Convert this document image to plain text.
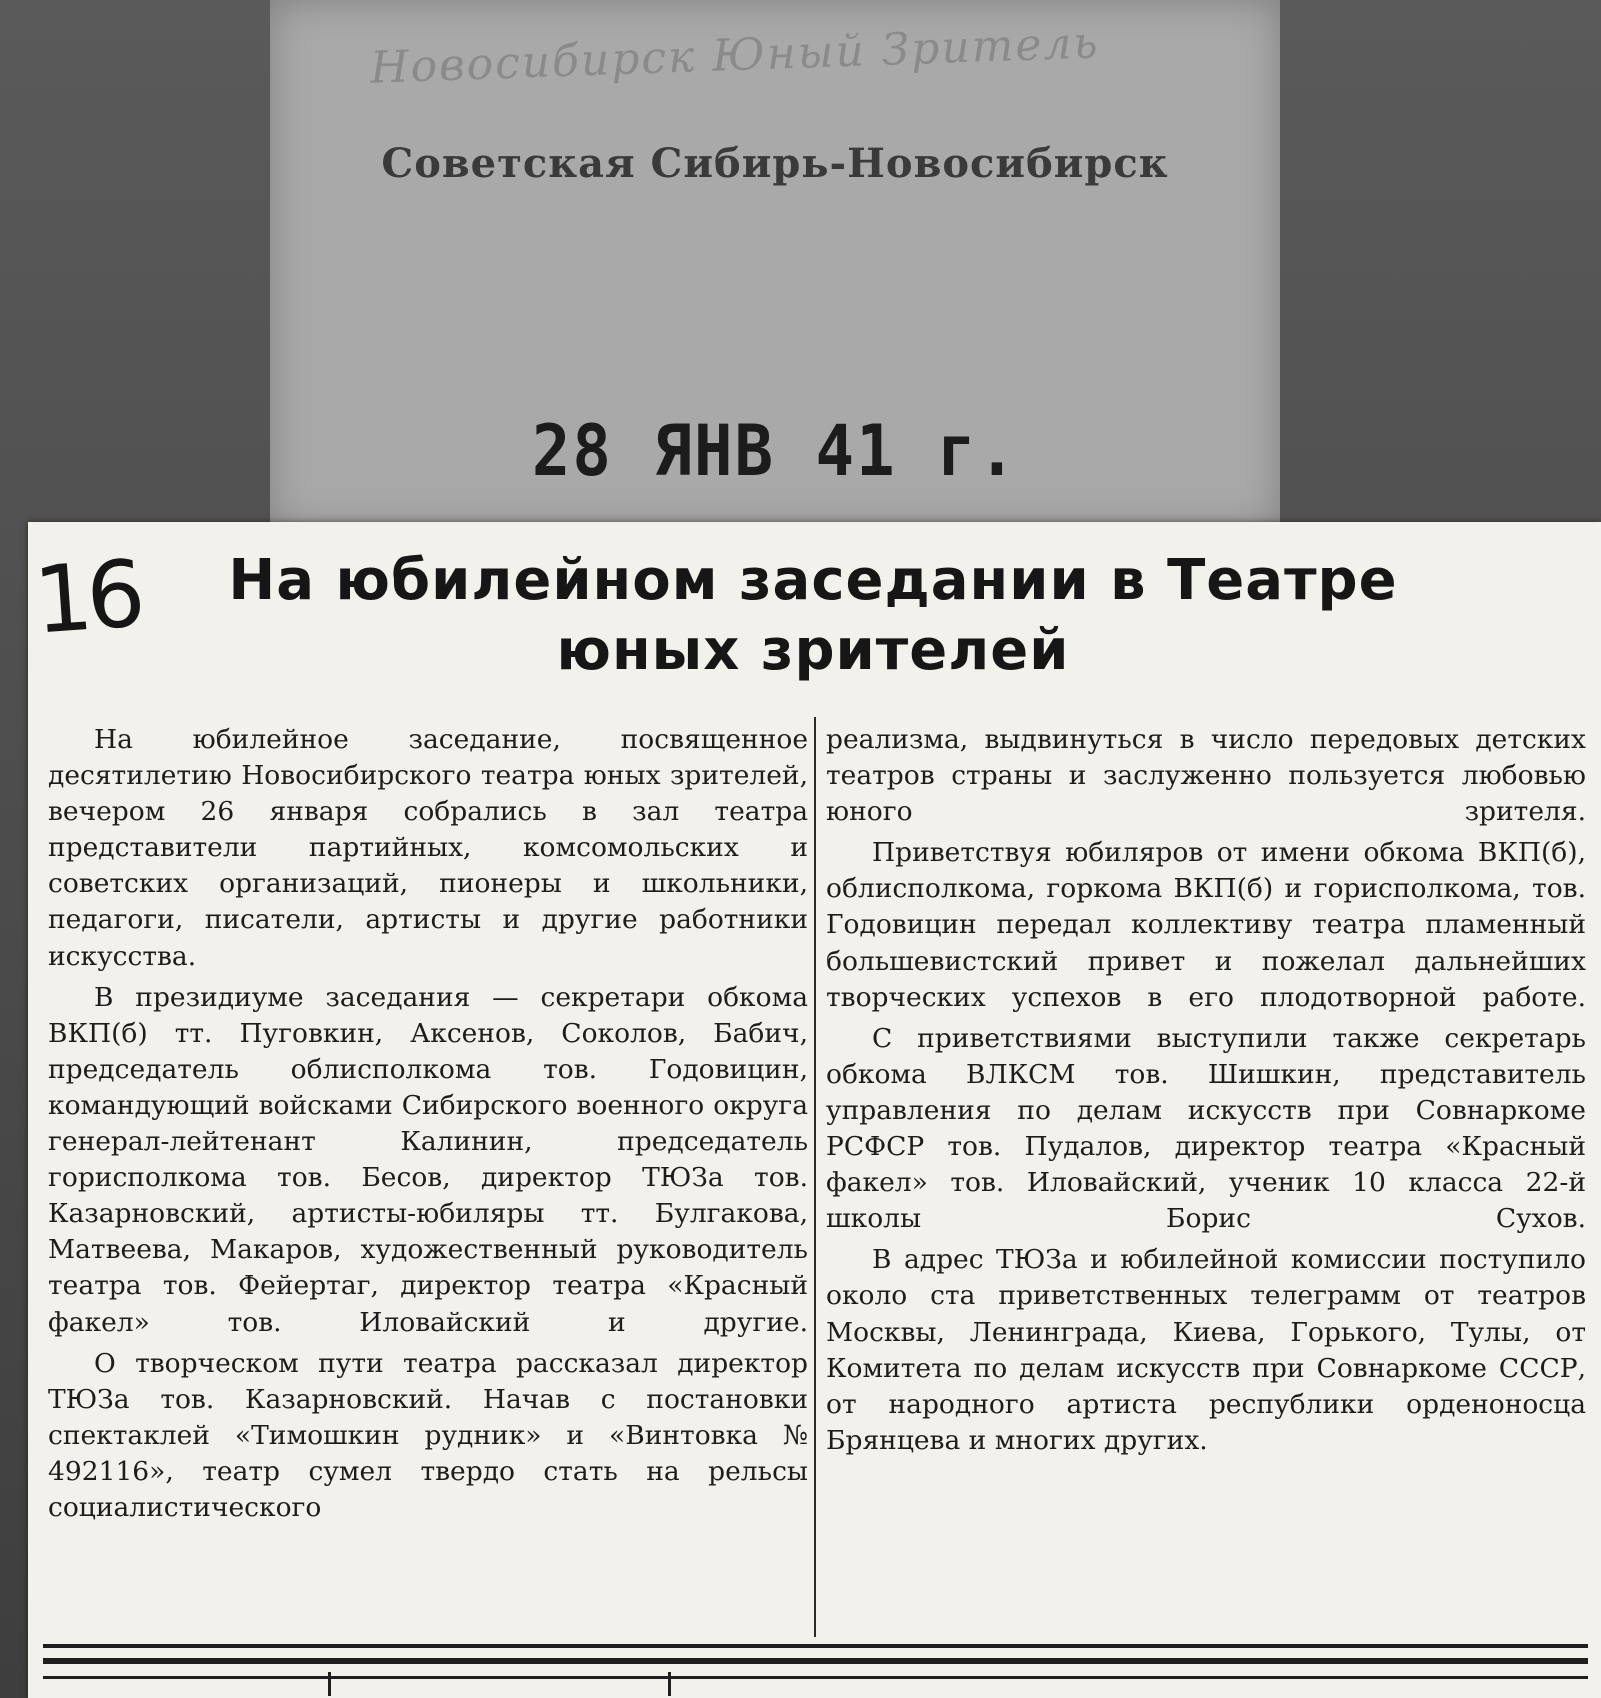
Новосибирск Юный Зритель
Советская Сибирь-Новосибирск
28 ЯНВ 41 г.
16	На юбилейном заседании в Театре юных зрителей

На юбилейное заседание, посвященное десятилетию Новосибирского театра юных зрителей, вечером 26 января собрались в зал театра представители партийных, комсомольских и советских организаций, пионеры и школьники, педагоги, писатели, артисты и другие работники искусства.

В президиуме заседания — секретари обкома ВКП(б) тт. Пуговкин, Аксенов, Соколов, Бабич, председатель облисполкома тов. Годовицин, командующий войсками Сибирского военного округа генерал-лейтенант Калинин, председатель горисполкома тов. Бесов, директор ТЮЗа тов. Казарновский, артисты-юбиляры тт. Булгакова, Матвеева, Макаров, художественный руководитель театра тов. Фейертаг, директор театра «Красный факел» тов. Иловайский и другие.

О творческом пути театра рассказал директор ТЮЗа тов. Казарновский. Начав с постановки спектаклей «Тимошкин рудник» и «Винтовка № 492116», театр сумел твердо стать на рельсы социалистического

реализма, выдвинуться в число передовых детских театров страны и заслуженно пользуется любовью юного зрителя.

Приветствуя юбиляров от имени обкома ВКП(б), облисполкома, горкома ВКП(б) и горисполкома, тов. Годовицин передал коллективу театра пламенный большевистский привет и пожелал дальнейших творческих успехов в его плодотворной работе.

С приветствиями выступили также секретарь обкома ВЛКСМ тов. Шишкин, представитель управления по делам искусств при Совнаркоме РСФСР тов. Пудалов, директор театра «Красный факел» тов. Иловайский, ученик 10 класса 22-й школы Борис Сухов.

В адрес ТЮЗа и юбилейной комиссии поступило около ста приветственных телеграмм от театров Москвы, Ленинграда, Киева, Горького, Тулы, от Комитета по делам искусств при Совнаркоме СССР, от народного артиста республики орденоносца Брянцева и многих других.
